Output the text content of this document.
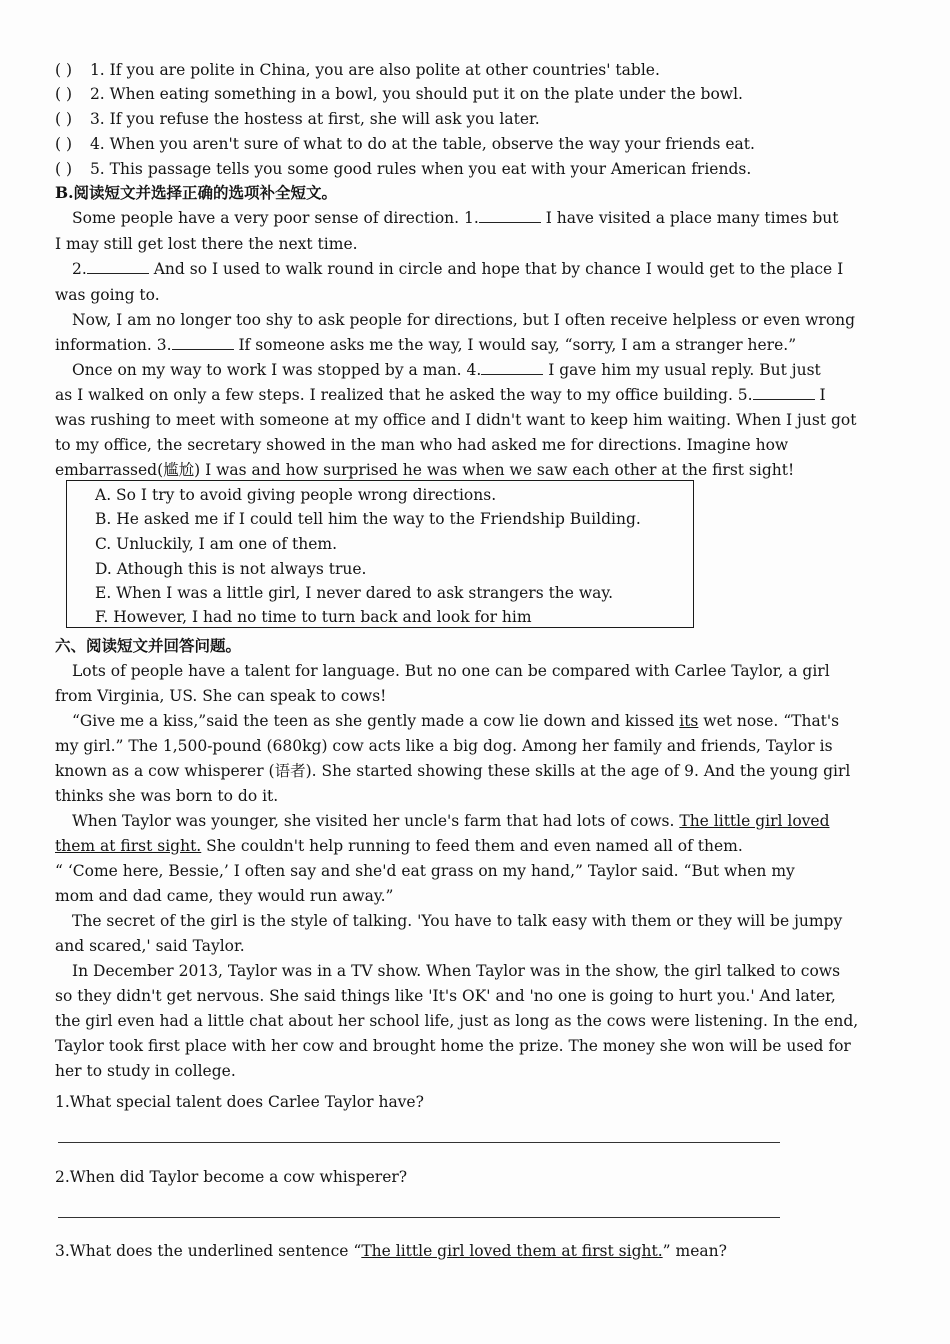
( ) 1. If you are polite in China, you are also polite at other countries' table.
( ) 2. When eating something in a bowl, you should put it on the plate under the bowl.
( ) 3. If you refuse the hostess at first, she will ask you later.
( ) 4. When you aren't sure of what to do at the table, observe the way your friends eat.
( ) 5. This passage tells you some good rules when you eat with your American friends.
B.阅读短文并选择正确的选项补全短文。
Some people have a very poor sense of direction. 1.	I have visited a place many times but
I may still get lost there the next time.
2.	And so I used to walk round in circle and hope that by chance I would get to the place I
was going to.
Now, I am no longer too shy to ask people for directions, but I often receive helpless or even wrong
information. 3.	If someone asks me the way, I would say, “sorry, I am a stranger here.”
Once on my way to work I was stopped by a man. 4.	I gave him my usual reply. But just
as I walked on only a few steps. I realized that he asked the way to my office building. 5.	I
was rushing to meet with someone at my office and I didn't want to keep him waiting. When I just got
to my office, the secretary showed in the man who had asked me for directions. Imagine how
embarrassed(尴尬) I was and how surprised he was when we saw each other at the first sight!
A. So I try to avoid giving people wrong directions.
B. He asked me if I could tell him the way to the Friendship Building.
C. Unluckily, I am one of them.
D. Athough this is not always true.
E. When I was a little girl, I never dared to ask strangers the way.
F. However, I had no time to turn back and look for him
六、阅读短文并回答问题。
Lots of people have a talent for language. But no one can be compared with Carlee Taylor, a girl
from Virginia, US. She can speak to cows!
“Give me a kiss,”said the teen as she gently made a cow lie down and kissed its wet nose. “That's
my girl.” The 1,500-pound (680kg) cow acts like a big dog. Among her family and friends, Taylor is
known as a cow whisperer (语者). She started showing these skills at the age of 9. And the young girl
thinks she was born to do it.
When Taylor was younger, she visited her uncle's farm that had lots of cows. The little girl loved
them at first sight. She couldn't help running to feed them and even named all of them.
“ ‘Come here, Bessie,’ I often say and she'd eat grass on my hand,” Taylor said. “But when my
mom and dad came, they would run away.”
The secret of the girl is the style of talking. 'You have to talk easy with them or they will be jumpy
and scared,' said Taylor.
In December 2013, Taylor was in a TV show. When Taylor was in the show, the girl talked to cows
so they didn't get nervous. She said things like 'It's OK' and 'no one is going to hurt you.' And later,
the girl even had a little chat about her school life, just as long as the cows were listening. In the end,
Taylor took first place with her cow and brought home the prize. The money she won will be used for
her to study in college.
1.What special talent does Carlee Taylor have?
2.When did Taylor become a cow whisperer?
3.What does the underlined sentence “The little girl loved them at first sight.” mean?
